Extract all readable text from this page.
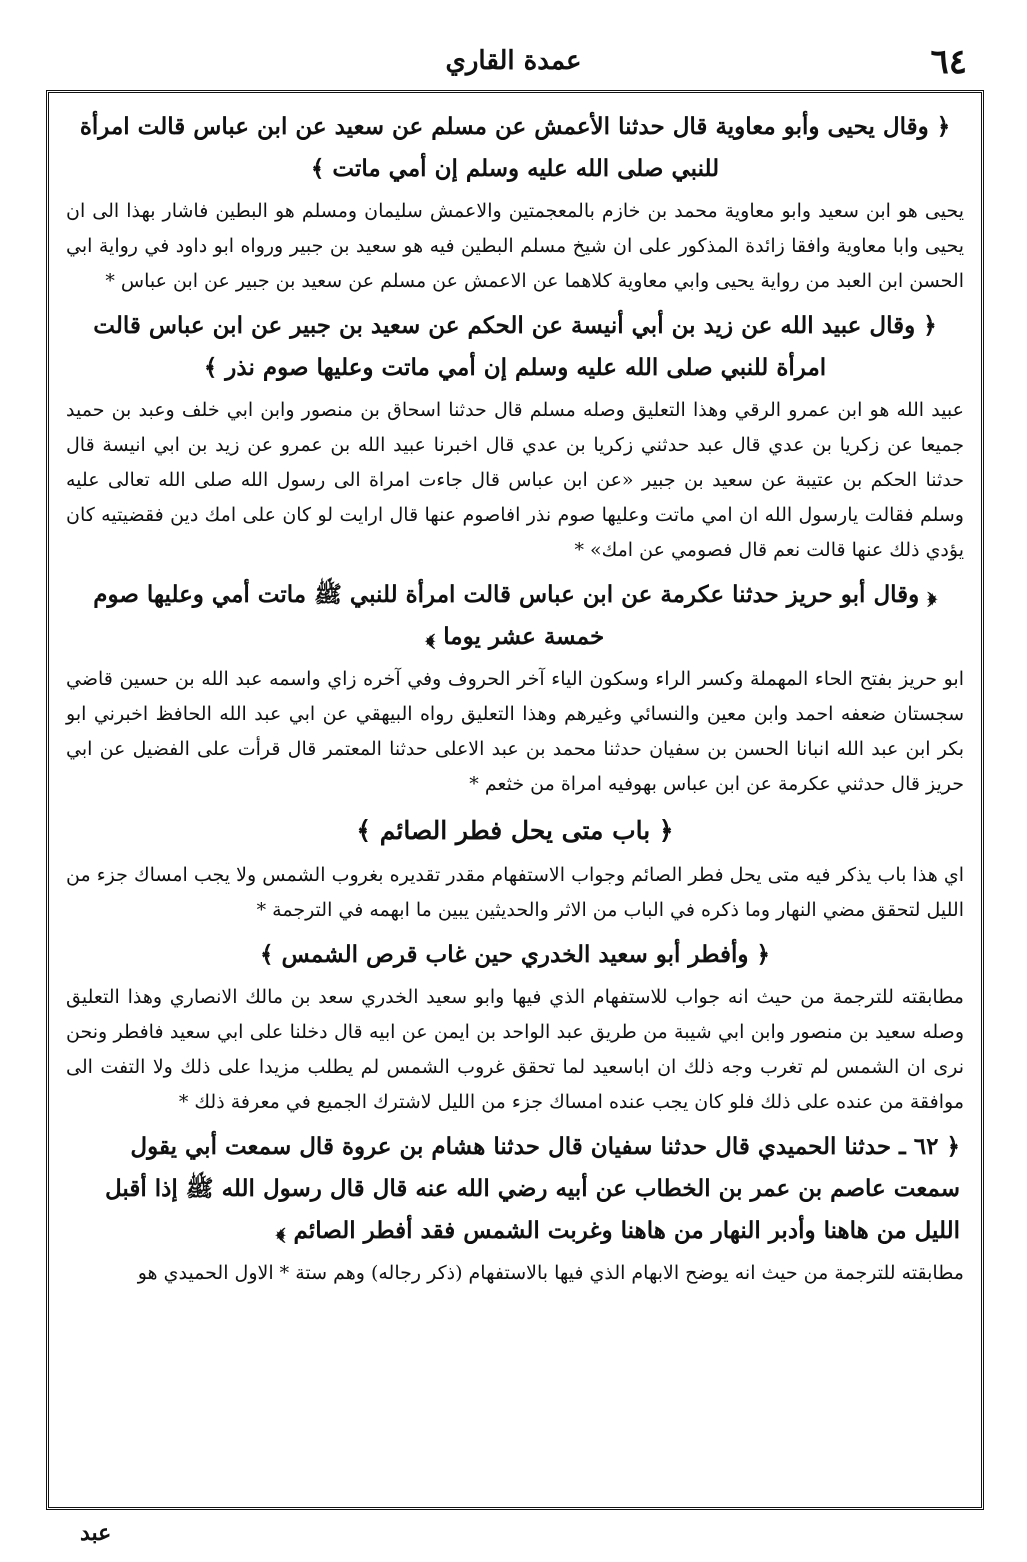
عمدة القاري	٦٤
﴿ وقال يحيى وأبو معاوية قال حدثنا الأعمش عن مسلم عن سعيد عن ابن عباس قالت امرأة للنبي صلى الله عليه وسلم إن أمي ماتت ﴾
يحيى هو ابن سعيد وابو معاوية محمد بن خازم بالمعجمتين والاعمش سليمان ومسلم هو البطين فاشار بهذا الى ان يحيى وابا معاوية وافقا زائدة المذكور على ان شيخ مسلم البطين فيه هو سعيد بن جبير ورواه ابو داود في رواية ابي الحسن ابن العبد من رواية يحيى وابي معاوية كلاهما عن الاعمش عن مسلم عن سعيد بن جبير عن ابن عباس *
﴿ وقال عبيد الله عن زيد بن أبي أنيسة عن الحكم عن سعيد بن جبير عن ابن عباس قالت امرأة للنبي صلى الله عليه وسلم إن أمي ماتت وعليها صوم نذر ﴾
عبيد الله هو ابن عمرو الرقي وهذا التعليق وصله مسلم قال حدثنا اسحاق بن منصور وابن ابي خلف وعبد بن حميد جميعا عن زكريا بن عدي قال عبد حدثني زكريا بن عدي قال اخبرنا عبيد الله بن عمرو عن زيد بن ابي انيسة قال حدثنا الحكم بن عتيبة عن سعيد بن جبير «عن ابن عباس قال جاءت امراة الى رسول الله صلى الله تعالى عليه وسلم فقالت يارسول الله ان امي ماتت وعليها صوم نذر افاصوم عنها قال ارايت لو كان على امك دين فقضيتيه كان يؤدي ذلك عنها قالت نعم قال فصومي عن امك» *
﴿ وقال أبو حريز حدثنا عكرمة عن ابن عباس قالت امرأة للنبي ﷺ ماتت أمي وعليها صوم خمسة عشر يوما ﴾
ابو حريز بفتح الحاء المهملة وكسر الراء وسكون الياء آخر الحروف وفي آخره زاي واسمه عبد الله بن حسين قاضي سجستان ضعفه احمد وابن معين والنسائي وغيرهم وهذا التعليق رواه البيهقي عن ابي عبد الله الحافظ اخبرني ابو بكر ابن عبد الله انبانا الحسن بن سفيان حدثنا محمد بن عبد الاعلى حدثنا المعتمر قال قرأت على الفضيل عن ابي حريز قال حدثني عكرمة عن ابن عباس بهوفيه امراة من خثعم *
﴿ باب متى يحل فطر الصائم ﴾
اي هذا باب يذكر فيه متى يحل فطر الصائم وجواب الاستفهام مقدر تقديره بغروب الشمس ولا يجب امساك جزء من الليل لتحقق مضي النهار وما ذكره في الباب من الاثر والحديثين يبين ما ابهمه في الترجمة *
﴿ وأفطر أبو سعيد الخدري حين غاب قرص الشمس ﴾
مطابقته للترجمة من حيث انه جواب للاستفهام الذي فيها وابو سعيد الخدري سعد بن مالك الانصاري وهذا التعليق وصله سعيد بن منصور وابن ابي شيبة من طريق عبد الواحد بن ايمن عن ابيه قال دخلنا على ابي سعيد فافطر ونحن نرى ان الشمس لم تغرب وجه ذلك ان اباسعيد لما تحقق غروب الشمس لم يطلب مزيدا على ذلك ولا التفت الى موافقة من عنده على ذلك فلو كان يجب عنده امساك جزء من الليل لاشترك الجميع في معرفة ذلك *
﴿ ٦٢ ـ حدثنا الحميدي قال حدثنا سفيان قال حدثنا هشام بن عروة قال سمعت أبي يقول سمعت عاصم بن عمر بن الخطاب عن أبيه رضي الله عنه قال قال رسول الله ﷺ إذا أقبل الليل من هاهنا وأدبر النهار من هاهنا وغربت الشمس فقد أفطر الصائم ﴾
مطابقته للترجمة من حيث انه يوضح الابهام الذي فيها بالاستفهام (ذكر رجاله) وهم ستة * الاول الحميدي هو
عبد
